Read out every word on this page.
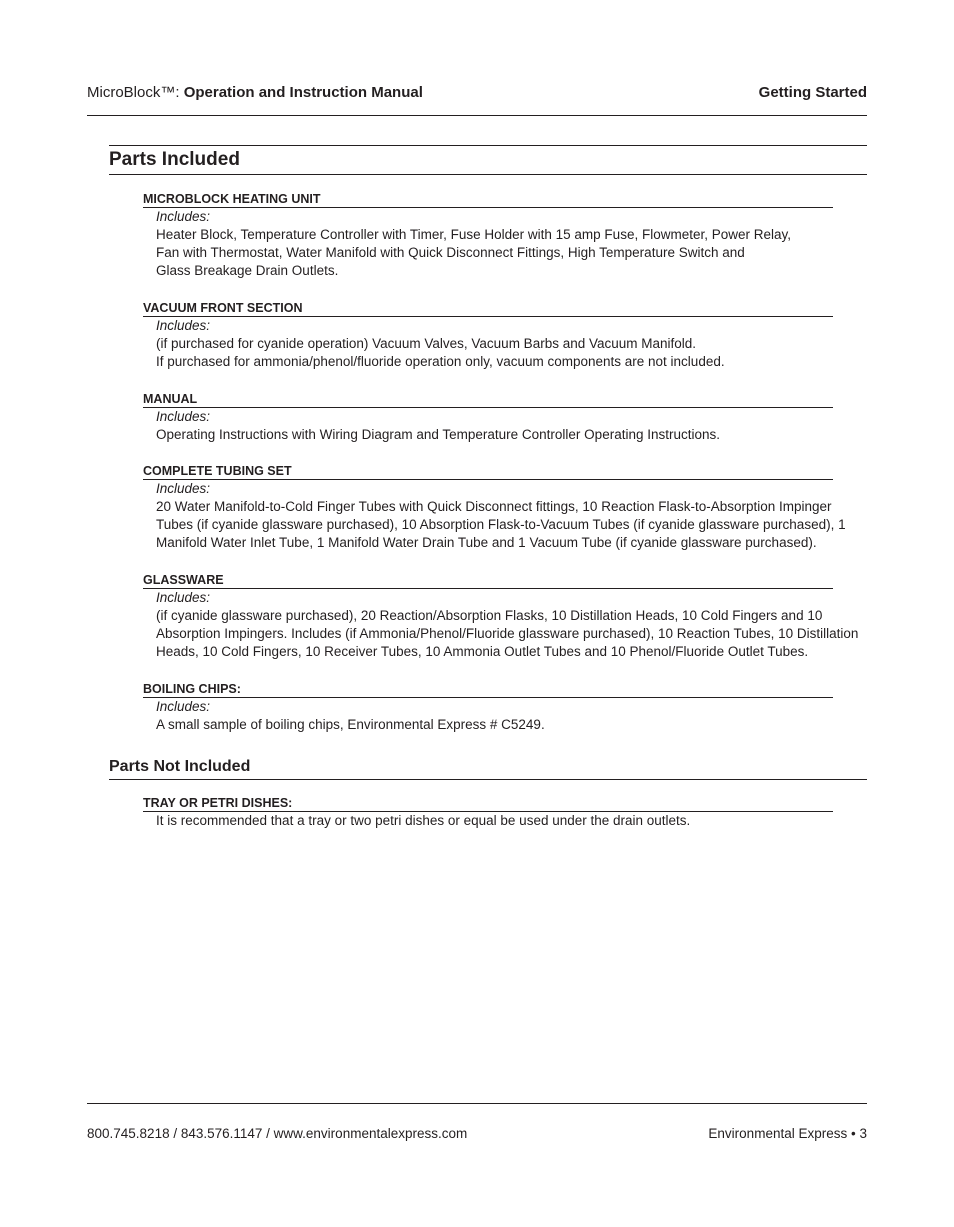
MicroBlock™: Operation and Instruction Manual	Getting Started
Parts Included
MICROBLOCK HEATING UNIT
Includes:
Heater Block, Temperature Controller with Timer, Fuse Holder with 15 amp Fuse, Flowmeter, Power Relay,
Fan with Thermostat, Water Manifold with Quick Disconnect Fittings, High Temperature Switch and
Glass Breakage Drain Outlets.
VACUUM FRONT SECTION
Includes:
(if purchased for cyanide operation) Vacuum Valves, Vacuum Barbs and Vacuum Manifold.
If purchased for ammonia/phenol/fluoride operation only, vacuum components are not included.
MANUAL
Includes:
Operating Instructions with Wiring Diagram and Temperature Controller Operating Instructions.
COMPLETE TUBING SET
Includes:
20 Water Manifold-to-Cold Finger Tubes with Quick Disconnect fittings, 10 Reaction Flask-to-Absorption Impinger
Tubes (if cyanide glassware purchased), 10 Absorption Flask-to-Vacuum Tubes (if cyanide glassware purchased), 1
Manifold Water Inlet Tube, 1 Manifold Water Drain Tube and 1 Vacuum Tube (if cyanide glassware purchased).
GLASSWARE
Includes:
(if cyanide glassware purchased), 20 Reaction/Absorption Flasks, 10 Distillation Heads, 10 Cold Fingers and 10
Absorption Impingers. Includes (if Ammonia/Phenol/Fluoride glassware purchased), 10 Reaction Tubes, 10 Distillation
Heads, 10 Cold Fingers, 10 Receiver Tubes, 10 Ammonia Outlet Tubes and 10 Phenol/Fluoride Outlet Tubes.
BOILING CHIPS:
Includes:
A small sample of boiling chips, Environmental Express # C5249.
Parts Not Included
TRAY OR PETRI DISHES:
It is recommended that a tray or two petri dishes or equal be used under the drain outlets.
800.745.8218 / 843.576.1147 / www.environmentalexpress.com	Environmental Express • 3
